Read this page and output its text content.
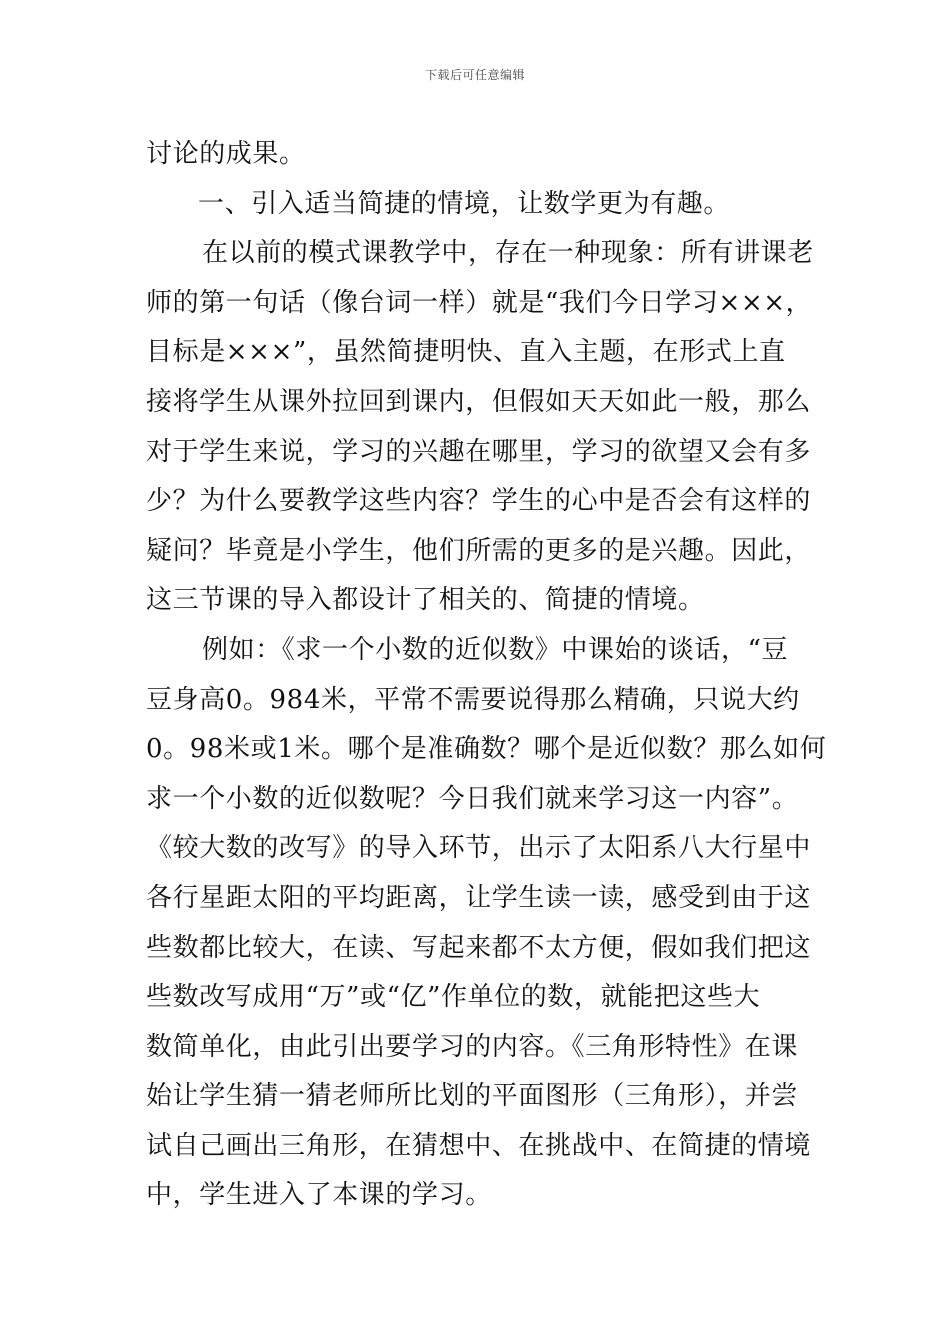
下载后可任意编辑
讨论的成果。
一、引入适当简捷的情境，让数学更为有趣。
在以前的模式课教学中，存在一种现象：所有讲课老
师的第一句话（像台词一样）就是“我们今日学习×××，
目标是×××”，虽然简捷明快、直入主题，在形式上直
接将学生从课外拉回到课内，但假如天天如此一般，那么
对于学生来说，学习的兴趣在哪里，学习的欲望又会有多
少？为什么要教学这些内容？学生的心中是否会有这样的
疑问？毕竟是小学生，他们所需的更多的是兴趣。因此，
这三节课的导入都设计了相关的、简捷的情境。
例如：《求一个小数的近似数》中课始的谈话，“豆
豆身高0。984米，平常不需要说得那么精确，只说大约
0。98米或1米。哪个是准确数？哪个是近似数？那么如何
求一个小数的近似数呢？今日我们就来学习这一内容”。
《较大数的改写》的导入环节，出示了太阳系八大行星中
各行星距太阳的平均距离，让学生读一读，感受到由于这
些数都比较大，在读、写起来都不太方便，假如我们把这
些数改写成用“万”或“亿”作单位的数，就能把这些大
数简单化，由此引出要学习的内容。《三角形特性》在课
始让学生猜一猜老师所比划的平面图形（三角形），并尝
试自己画出三角形，在猜想中、在挑战中、在简捷的情境
中，学生进入了本课的学习。
